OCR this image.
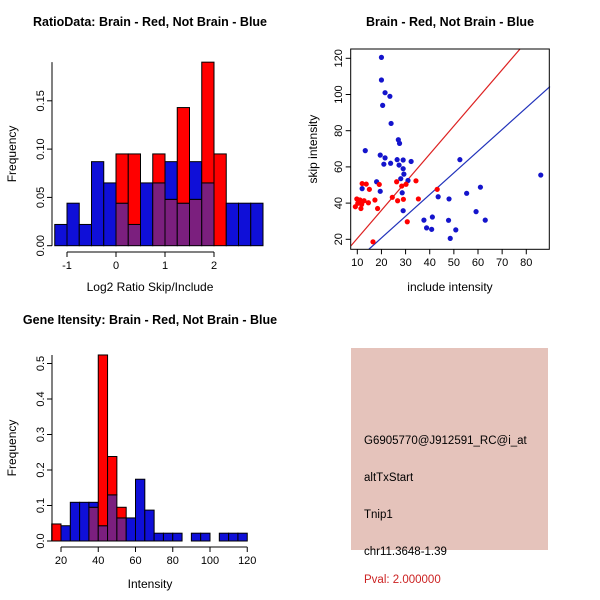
0.00
0.05
0.10
0.15
-1	0	1	2
RatioData: Brain - Red, Not Brain - Blue
Log2 Ratio Skip/Include
Frequency
10 20 30 40 50 60 70 80
20
40
60
80
100
120
Brain - Red, Not Brain - Blue
include intensity
skip intensity
0.0
0.1
0.2
0.3
0.4
0.5
20 40 60 80 100 120
Gene Itensity: Brain - Red, Not Brain - Blue
Intensity
Frequency	G6905770@J912591_RC@i_at
altTxStart
Tnip1
chr11.3648-1.39
Pval: 2.000000
